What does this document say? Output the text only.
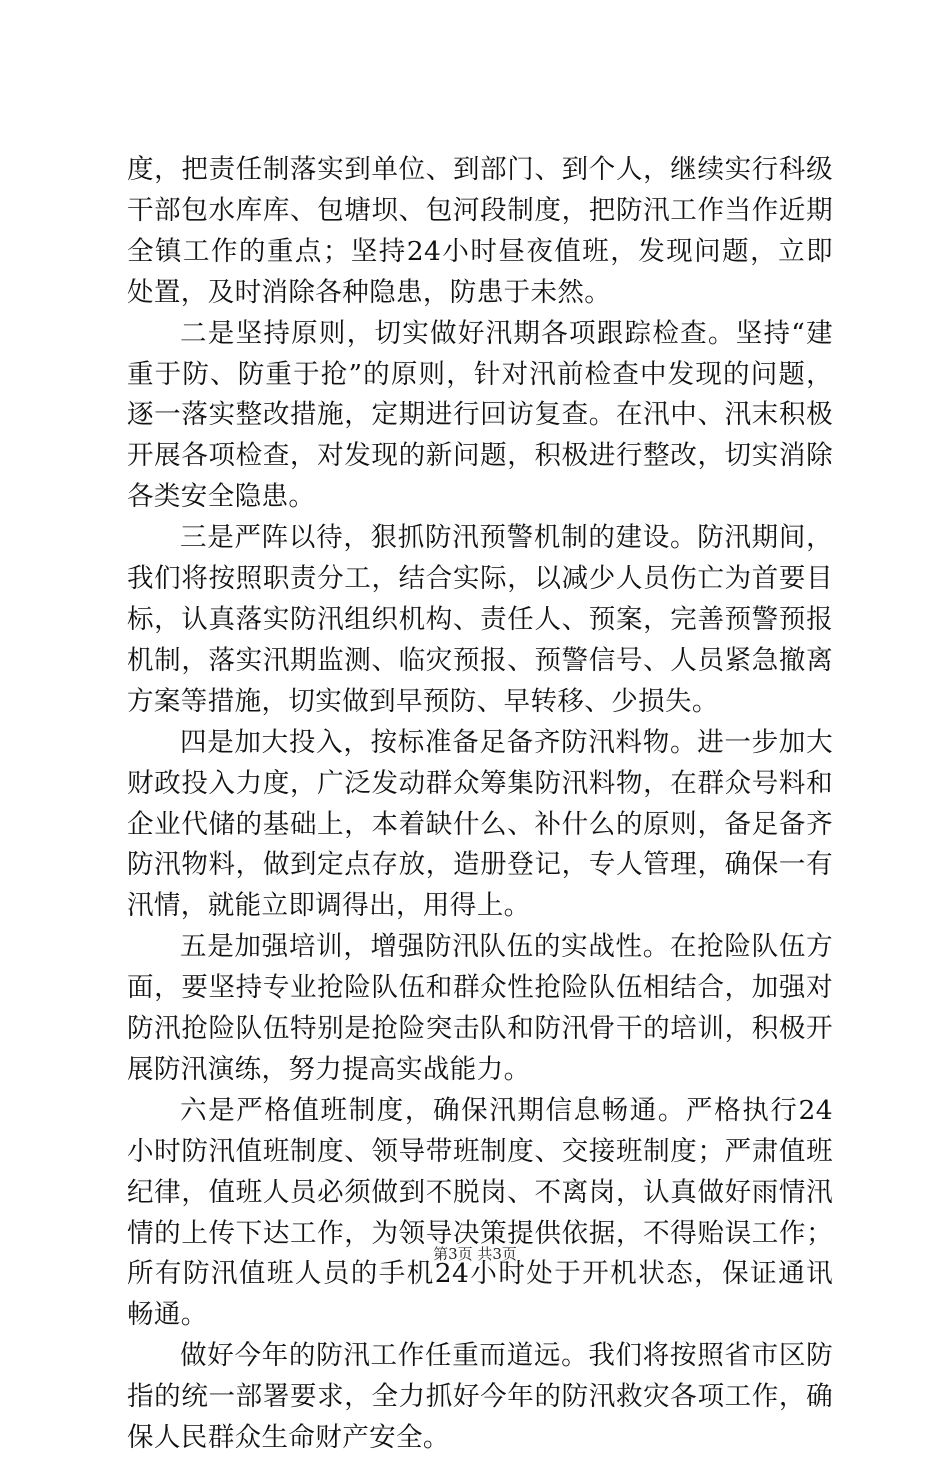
度，把责任制落实到单位、到部门、到个人，继续实行科级干部包水库库、包塘坝、包河段制度，把防汛工作当作近期全镇工作的重点；坚持24小时昼夜值班，发现问题，立即处置，及时消除各种隐患，防患于未然。

二是坚持原则，切实做好汛期各项跟踪检查。坚持“建重于防、防重于抢”的原则，针对汛前检查中发现的问题，逐一落实整改措施，定期进行回访复查。在汛中、汛末积极开展各项检查，对发现的新问题，积极进行整改，切实消除各类安全隐患。

三是严阵以待，狠抓防汛预警机制的建设。防汛期间，我们将按照职责分工，结合实际，以减少人员伤亡为首要目标，认真落实防汛组织机构、责任人、预案，完善预警预报机制，落实汛期监测、临灾预报、预警信号、人员紧急撤离方案等措施，切实做到早预防、早转移、少损失。

四是加大投入，按标准备足备齐防汛料物。进一步加大财政投入力度，广泛发动群众筹集防汛料物，在群众号料和企业代储的基础上，本着缺什么、补什么的原则，备足备齐防汛物料，做到定点存放，造册登记，专人管理，确保一有汛情，就能立即调得出，用得上。

五是加强培训，增强防汛队伍的实战性。在抢险队伍方面，要坚持专业抢险队伍和群众性抢险队伍相结合，加强对防汛抢险队伍特别是抢险突击队和防汛骨干的培训，积极开展防汛演练，努力提高实战能力。

六是严格值班制度，确保汛期信息畅通。严格执行24小时防汛值班制度、领导带班制度、交接班制度；严肃值班纪律，值班人员必须做到不脱岗、不离岗，认真做好雨情汛情的上传下达工作，为领导决策提供依据，不得贻误工作；所有防汛值班人员的手机24小时处于开机状态，保证通讯畅通。

做好今年的防汛工作任重而道远。我们将按照省市区防指的统一部署要求，全力抓好今年的防汛救灾各项工作，确保人民群众生命财产安全。

第3页 共3页
